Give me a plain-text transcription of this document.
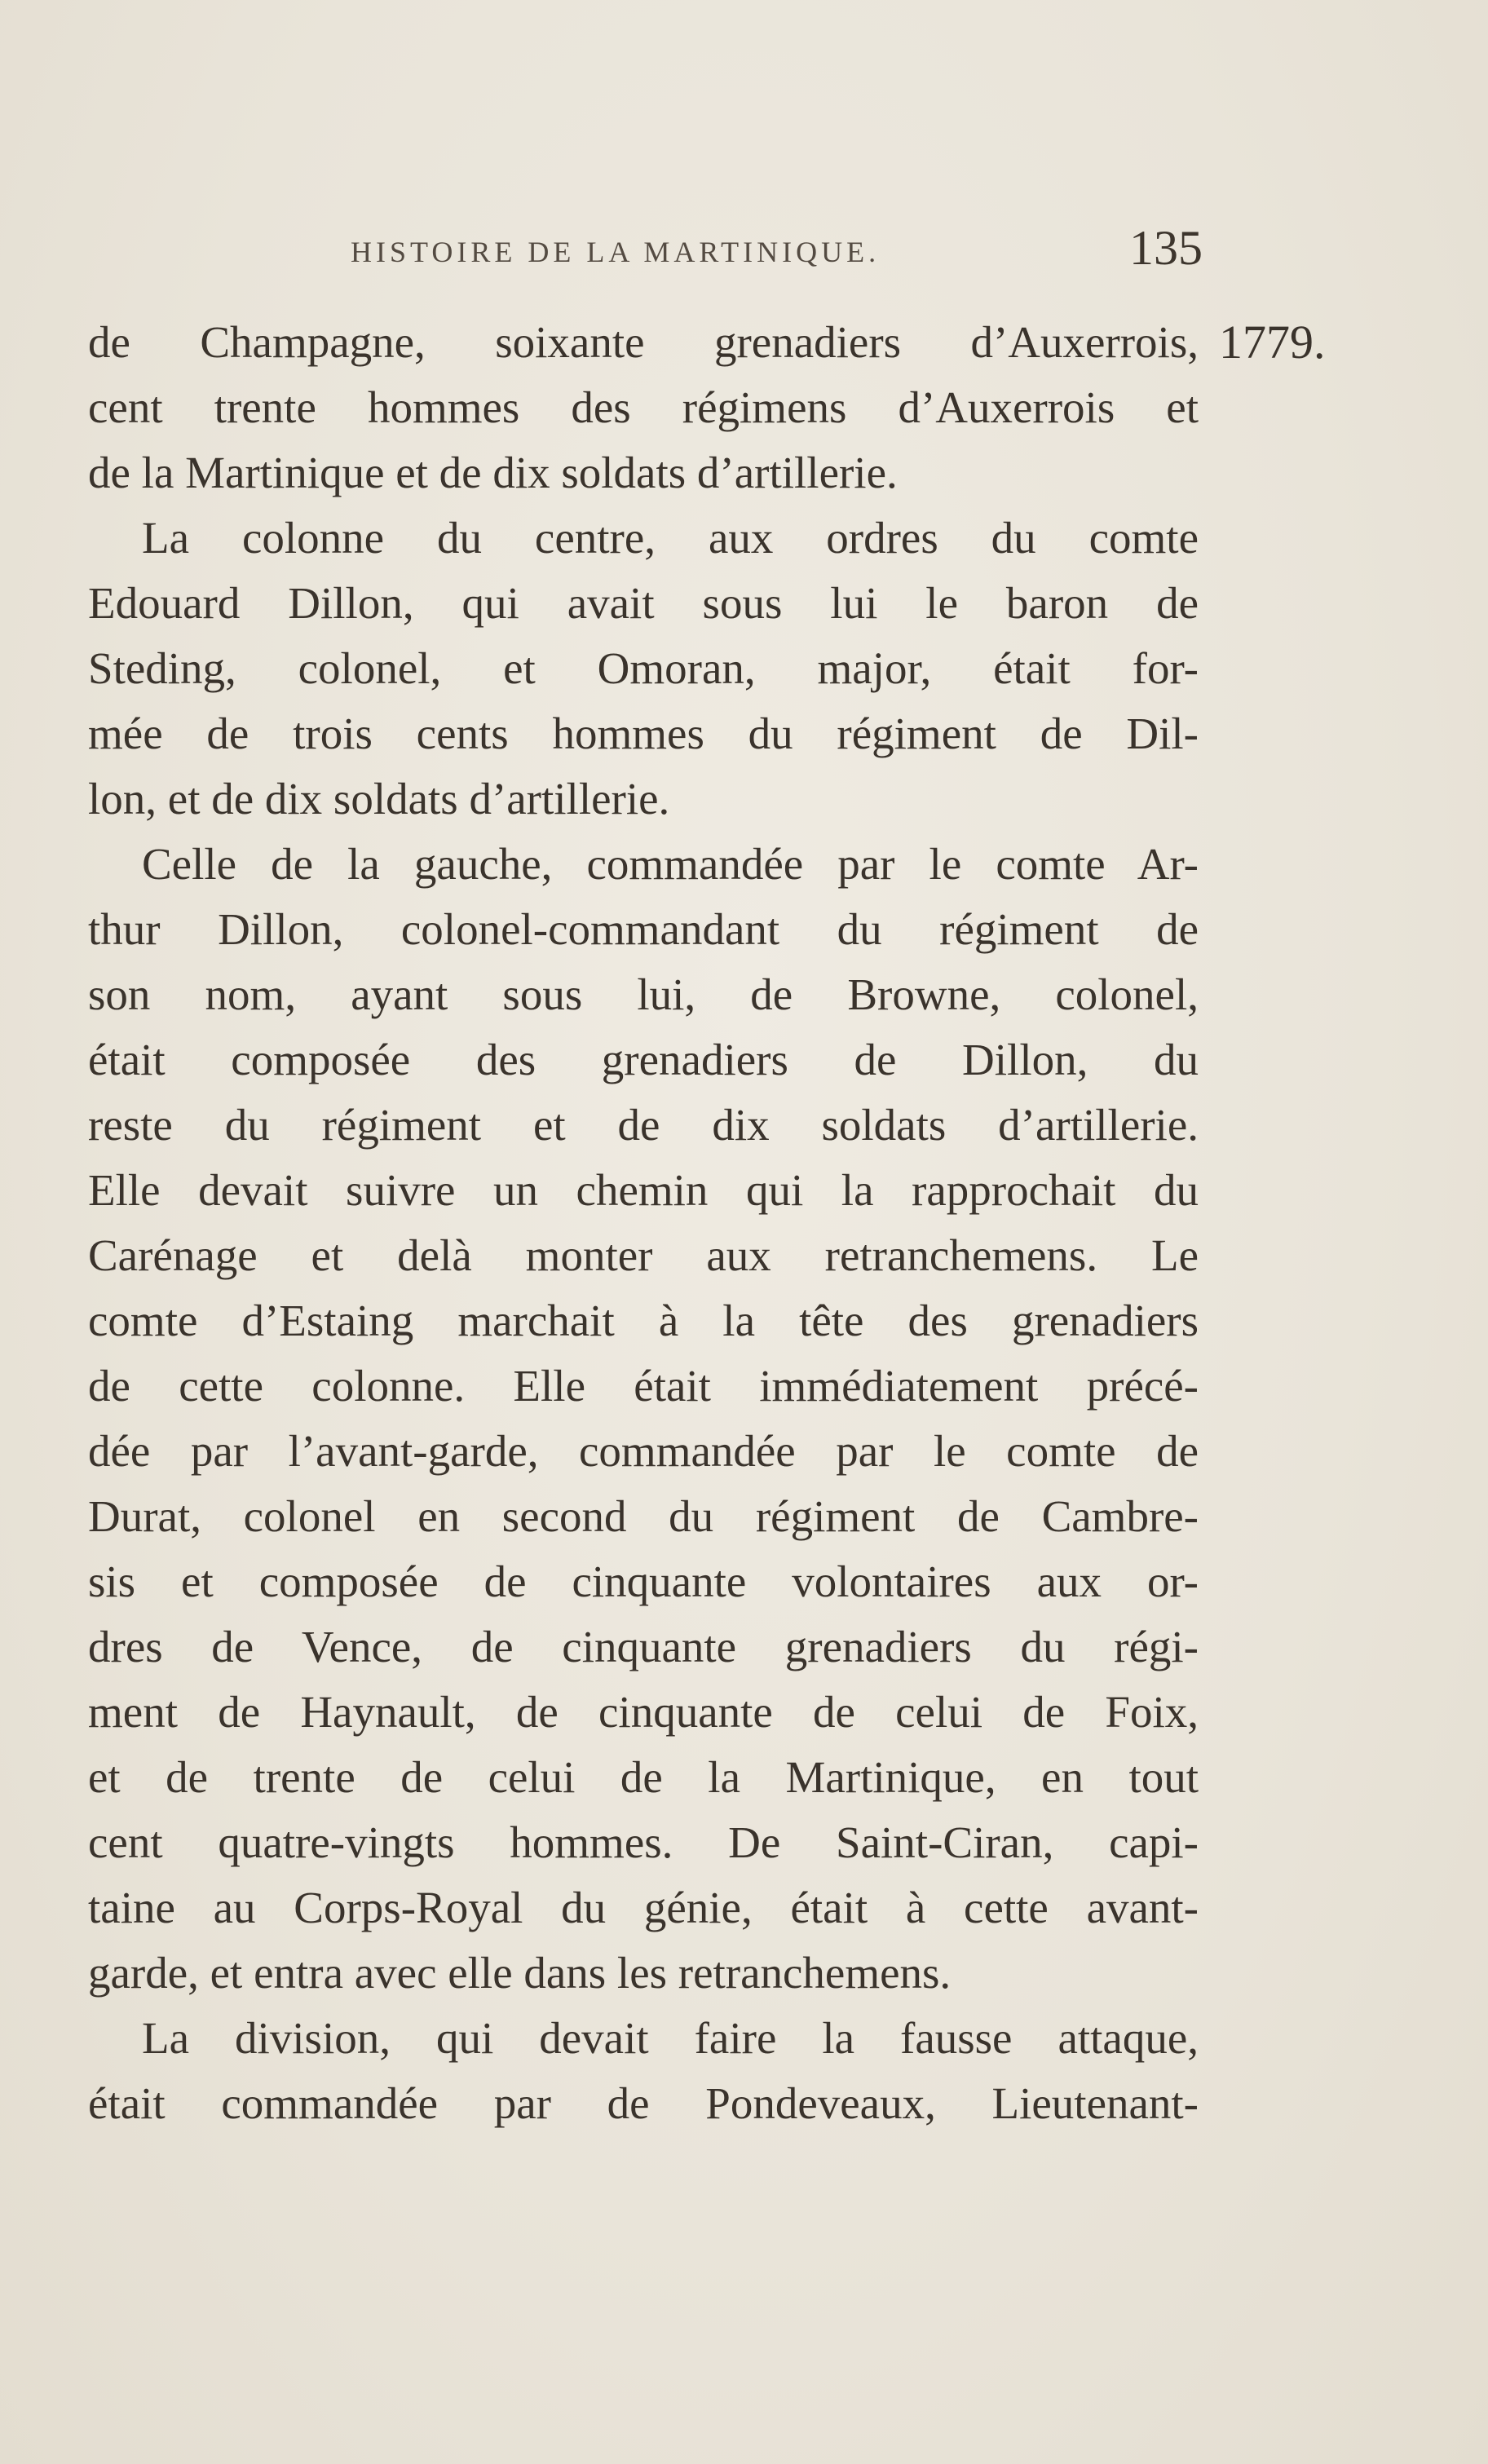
HISTOIRE DE LA MARTINIQUE.	135
1779.
de Champagne, soixante grenadiers d’Auxerrois,
cent trente hommes des régimens d’Auxerrois et
de la Martinique et de dix soldats d’artillerie.
La colonne du centre, aux ordres du comte
Edouard Dillon, qui avait sous lui le baron de
Steding, colonel, et Omoran, major, était for-
mée de trois cents hommes du régiment de Dil-
lon, et de dix soldats d’artillerie.
Celle de la gauche, commandée par le comte Ar-
thur Dillon, colonel-commandant du régiment de
son nom, ayant sous lui, de Browne, colonel,
était composée des grenadiers de Dillon, du
reste du régiment et de dix soldats d’artillerie.
Elle devait suivre un chemin qui la rapprochait du
Carénage et delà monter aux retranchemens. Le
comte d’Estaing marchait à la tête des grenadiers
de cette colonne. Elle était immédiatement précé-
dée par l’avant-garde, commandée par le comte de
Durat, colonel en second du régiment de Cambre-
sis et composée de cinquante volontaires aux or-
dres de Vence, de cinquante grenadiers du régi-
ment de Haynault, de cinquante de celui de Foix,
et de trente de celui de la Martinique, en tout
cent quatre-vingts hommes. De Saint-Ciran, capi-
taine au Corps-Royal du génie, était à cette avant-
garde, et entra avec elle dans les retranchemens.
La division, qui devait faire la fausse attaque,
était commandée par de Pondeveaux, Lieutenant-
